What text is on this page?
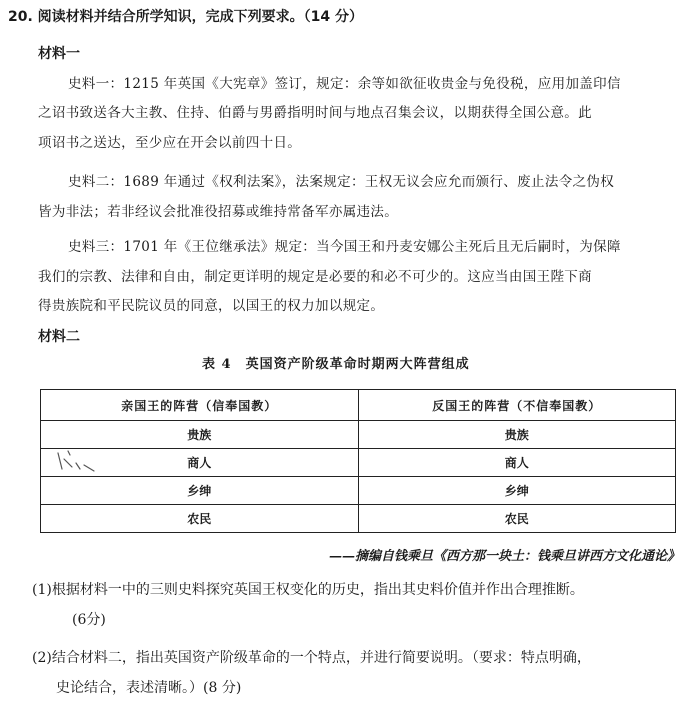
20. 阅读材料并结合所学知识，完成下列要求。（14 分）
材料一
史料一：1215 年英国《大宪章》签订，规定：余等如欲征收贵金与免役税，应用加盖印信
之诏书致送各大主教、住持、伯爵与男爵指明时间与地点召集会议，以期获得全国公意。此
项诏书之送达，至少应在开会以前四十日。
史料二：1689 年通过《权利法案》，法案规定：王权无议会应允而颁行、废止法令之伪权
皆为非法；若非经议会批准役招募或维持常备军亦属违法。
史料三：1701 年《王位继承法》规定：当今国王和丹麦安娜公主死后且无后嗣时，为保障
我们的宗教、法律和自由，制定更详明的规定是必要的和必不可少的。这应当由国王陛下商
得贵族院和平民院议员的同意，以国王的权力加以规定。
材料二
表 4　英国资产阶级革命时期两大阵营组成
亲国王的阵营（信奉国教）	反国王的阵营（不信奉国教）
贵族	贵族
商人	商人
乡绅	乡绅
农民	农民
——摘编自钱乘旦《西方那一块土：钱乘旦讲西方文化通论》
(1)根据材料一中的三则史料探究英国王权变化的历史，指出其史料价值并作出合理推断。
(6分)
(2)结合材料二，指出英国资产阶级革命的一个特点，并进行简要说明。（要求：特点明确，
史论结合，表述清晰。）(8 分)
